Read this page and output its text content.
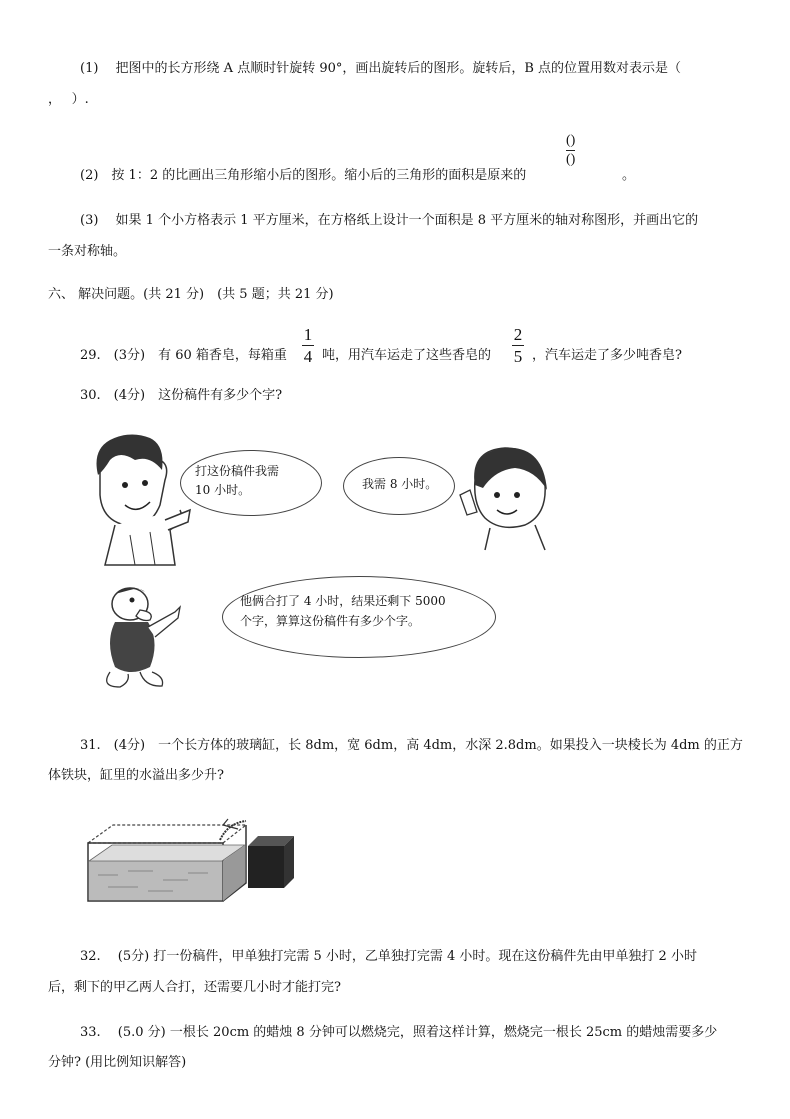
(1)　 把图中的长方形绕 A 点顺时针旋转 90°，画出旋转后的图形。旋转后，B 点的位置用数对表示是（
，　 ）.
(2)　按 1：2 的比画出三角形缩小后的图形。缩小后的三角形的面积是原来的
()
()
。
(3)　 如果 1 个小方格表示 1 平方厘米，在方格纸上设计一个面积是 8 平方厘米的轴对称图形，并画出它的
一条对称轴。
六、 解决问题。(共 21 分)　(共 5 题；共 21 分)
29.　(3分)　有 60 箱香皂，每箱重
1
4 吨，用汽车运走了这些香皂的
2
5 ，汽车运走了多少吨香皂?
30.　(4分)　这份稿件有多少个字?
打这份稿件我需
10 小时。	我需 8 小时。
他俩合打了 4 小时，结果还剩下 5000
个字，算算这份稿件有多少个字。
31.　(4分)　一个长方体的玻璃缸，长 8dm，宽 6dm，高 4dm，水深 2.8dm。如果投入一块棱长为 4dm 的正方
体铁块，缸里的水溢出多少升?
32.　 (5分) 打一份稿件，甲单独打完需 5 小时，乙单独打完需 4 小时。现在这份稿件先由甲单独打 2 小时
后，剩下的甲乙两人合打，还需要几小时才能打完?
33.　 (5.0 分) 一根长 20cm 的蜡烛 8 分钟可以燃烧完，照着这样计算，燃烧完一根长 25cm 的蜡烛需要多少
分钟? (用比例知识解答)
